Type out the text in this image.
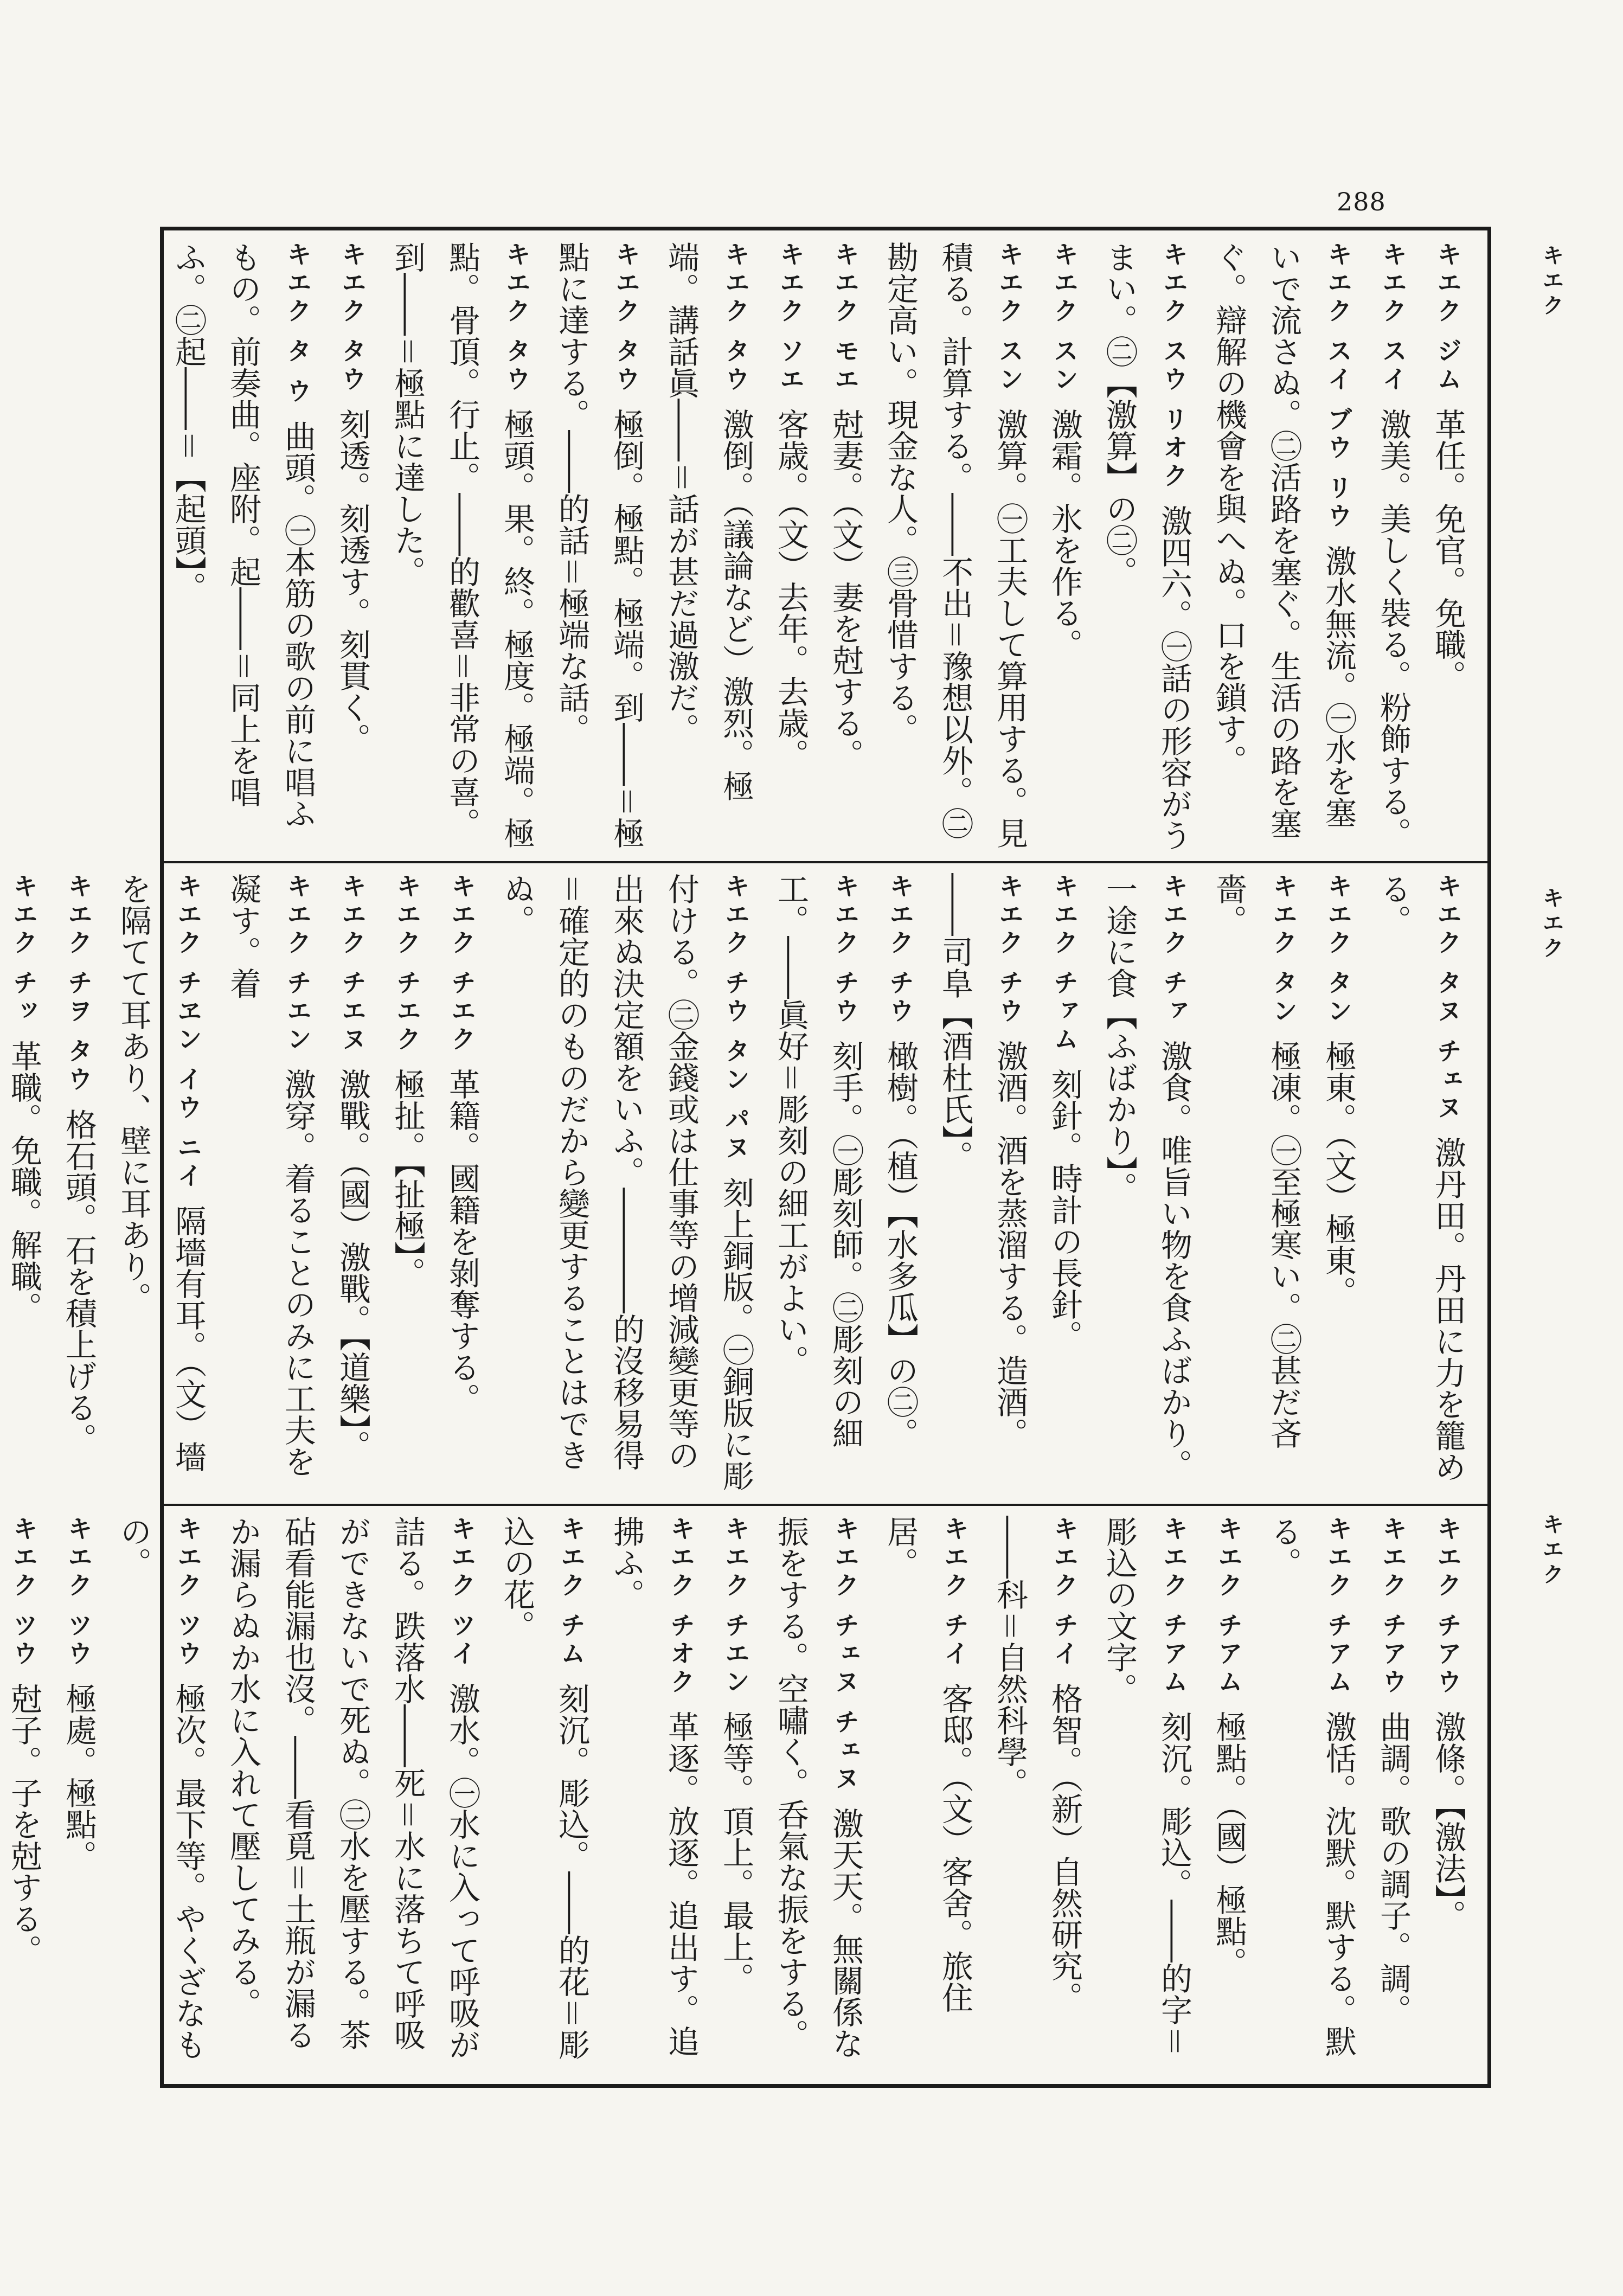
288
キエク
キエク
キエク

キエク ジム革任。免官。免職。

キエク スイ激美。美しく裝る。粉飾する。

キエク スイ ブウ リウ激水無流。㊀水を塞いで流さぬ。㊁活路を塞ぐ。生活の路を塞ぐ。辯解の機會を與へぬ。口を鎖す。

キエク スウ リオク激四六。㊀話の形容がうまい。㊁【激算】の㊁。

キエク スン激霜。氷を作る。

キエク スン激算。㊀工夫して算用する。見積る。計算する。――不出＝豫想以外。㊁勘定高い。現金な人。㊂骨惜する。

キエク モエ尅妻。（文）妻を尅する。

キエク ソエ客歳。（文）去年。去歳。

キエク タウ激倒。（議論など）激烈。極端。講話眞――＝話が甚だ過激だ。

キエク タウ極倒。極點。極端。到――＝極點に達する。――的話＝極端な話。

キエク タウ極頭。果。終。極度。極端。極點。骨頂。行止。――的歡喜＝非常の喜。到――＝極點に達した。

キエク タウ刻透。刻透す。刻貫く。

キエク タ ウ曲頭。㊀本筋の歌の前に唱ふもの。前奏曲。座附。起――＝同上を唱ふ。㊁起――＝【起頭】。

キエク タヌ チェヌ激丹田。丹田に力を籠める。

キエク タン極東。（文）極東。

キエク タン極凍。㊀至極寒い。㊁甚だ吝嗇。

キエク チァ激食。唯旨い物を食ふばかり。一途に食【ふばかり】。

キエク チァム刻針。時計の長針。

キエク チウ激酒。酒を蒸溜する。造酒。――司阜【酒杜氏】。

キエク チウ橄樹。（植）【水多瓜】の㊁。

キエク チウ刻手。㊀彫刻師。㊁彫刻の細工。――眞好＝彫刻の細工がよい。

キエク チウ タン パヌ刻上銅版。㊀銅版に彫付ける。㊁金錢或は仕事等の增減變更等の出來ぬ決定額をいふ。――――的沒移易得＝確定的のものだから變更することはできぬ。

キエク チエク革籍。國籍を剝奪する。

キエク チエク極扯。【扯極】。

キエク チエヌ激戰。（國）激戰。【道樂】。

キエク チエン激穿。着ることのみに工夫を凝す。着

キエク チヱン イウ ニイ隔墻有耳。（文）墻を隔てて耳あり、壁に耳あり。

キエク チヲ タウ格石頭。石を積上げる。

キエク チッ革職。免職。解職。

キエク チアウ激條。【激法】。

キエク チアウ曲調。歌の調子。調。

キエク チアム激恬。沈默。默する。默る。

キエク チアム極點。（國）極點。

キエク チアム刻沉。彫込。――的字＝彫込の文字。

キエク チイ格智。（新）自然研究。――科＝自然科學。

キエク チイ客邸。（文）客舍。旅住居。

キエク チェヌ チェヌ激天天。無關係な振をする。空嘯く。呑氣な振をする。

キエク チエン極等。頂上。最上。

キエク チオク革逐。放逐。追出す。追拂ふ。

キエク チム刻沉。彫込。――的花＝彫込の花。

キエク ツイ激水。㊀水に入って呼吸が詰る。跌落水――死＝水に落ちて呼吸ができないで死ぬ。㊁水を壓する。茶砧看能漏也沒。――看覓＝土瓶が漏るか漏らぬか水に入れて壓してみる。

キエク ツウ極次。最下等。やくざなもの。

キエク ツウ極處。極點。

キエク ツウ尅子。子を尅する。
